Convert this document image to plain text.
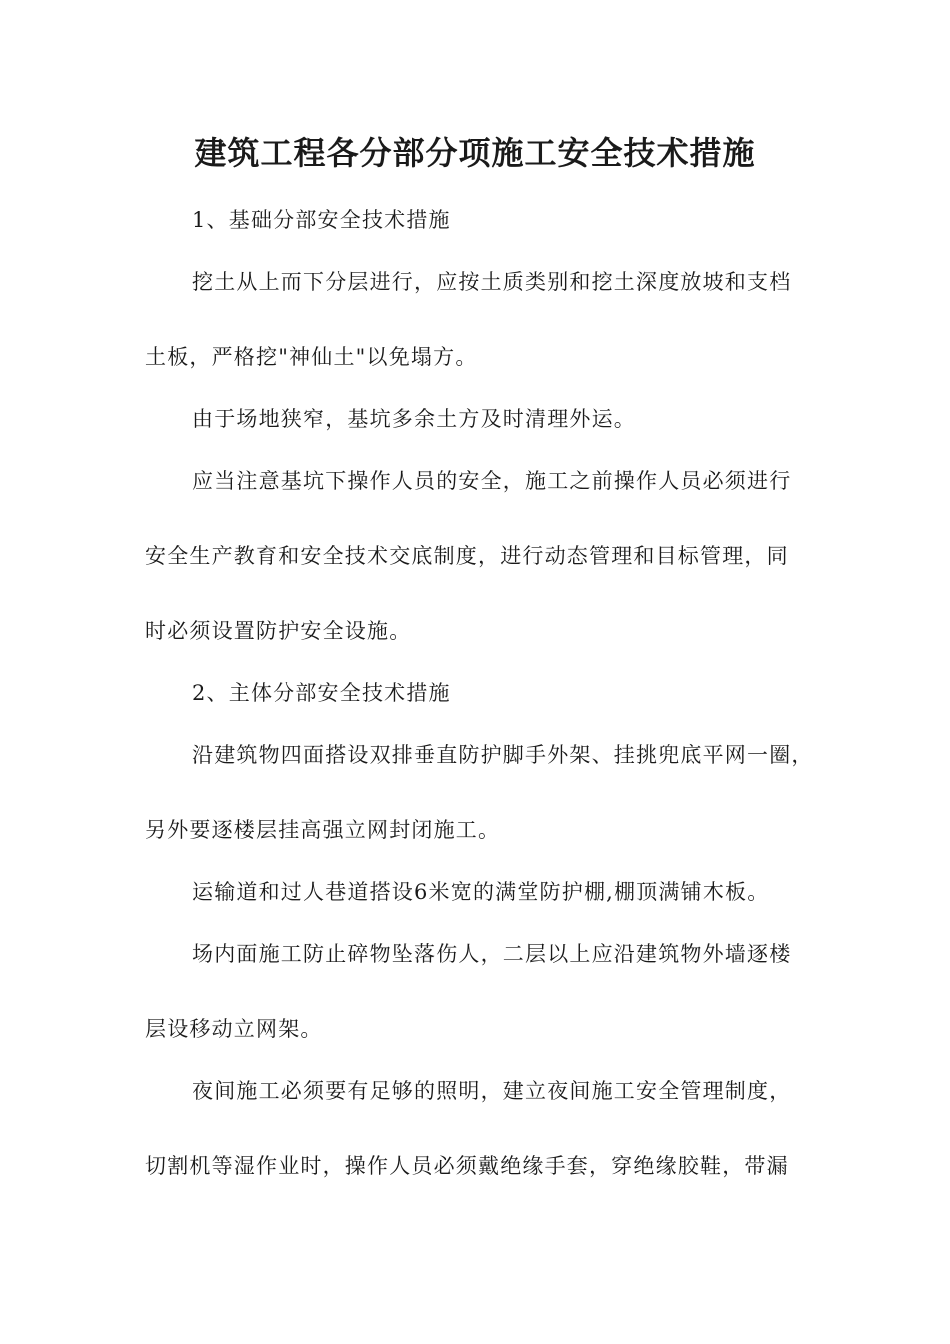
建筑工程各分部分项施工安全技术措施

1、基础分部安全技术措施

挖土从上而下分层进行，应按土质类别和挖土深度放坡和支档

土板，严格挖"神仙土"以免塌方。

由于场地狭窄，基坑多余土方及时清理外运。

应当注意基坑下操作人员的安全，施工之前操作人员必须进行

安全生产教育和安全技术交底制度，进行动态管理和目标管理，同

时必须设置防护安全设施。

2、主体分部安全技术措施

沿建筑物四面搭设双排垂直防护脚手外架、挂挑兜底平网一圈，

另外要逐楼层挂高强立网封闭施工。

运输道和过人巷道搭设6米宽的满堂防护棚,棚顶满铺木板。

场内面施工防止碎物坠落伤人，二层以上应沿建筑物外墙逐楼

层设移动立网架。

夜间施工必须要有足够的照明，建立夜间施工安全管理制度，

切割机等湿作业时，操作人员必须戴绝缘手套，穿绝缘胶鞋，带漏
